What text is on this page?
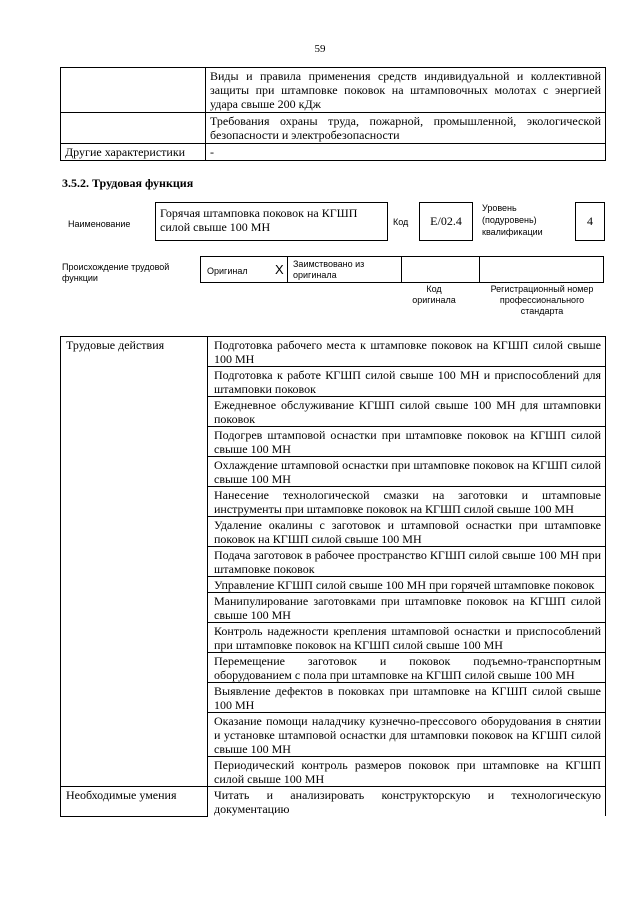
59
	Виды и правила применения средств индивидуальной и коллективной защиты при штамповке поковок на штамповочных молотах с энергией удара свыше 200 кДж
	Требования охраны труда, пожарной, промышленной, экологической безопасности и электробезопасности
Другие характеристики	-
3.5.2. Трудовая функция
Наименование
Горячая штамповка поковок на КГШП силой свыше 100 МН	Код	E/02.4
Уровень (подуровень) квалификации
4
Происхождение трудовой функции
Оригинал X Заимствовано из оригинала
Код оригинала
Регистрационный номер профессионального стандарта
Трудовые действия	Подготовка рабочего места к штамповке поковок на КГШП силой свыше 100 МН
	Подготовка к работе КГШП силой свыше 100 МН и приспособлений для штамповки поковок
	Ежедневное обслуживание КГШП силой свыше 100 МН для штамповки поковок
	Подогрев штамповой оснастки при штамповке поковок на КГШП силой свыше 100 МН
	Охлаждение штамповой оснастки при штамповке поковок на КГШП силой свыше 100 МН
	Нанесение технологической смазки на заготовки и штамповые инструменты при штамповке поковок на КГШП силой свыше 100 МН
	Удаление окалины с заготовок и штамповой оснастки при штамповке поковок на КГШП силой свыше 100 МН
	Подача заготовок в рабочее пространство КГШП силой свыше 100 МН при штамповке поковок
	Управление КГШП силой свыше 100 МН при горячей штамповке поковок
	Манипулирование заготовками при штамповке поковок на КГШП силой свыше 100 МН
	Контроль надежности крепления штамповой оснастки и приспособлений при штамповке поковок на КГШП силой свыше 100 МН
	Перемещение заготовок и поковок подъемно-транспортным оборудованием с пола при штамповке на КГШП силой свыше 100 МН
	Выявление дефектов в поковках при штамповке на КГШП силой свыше 100 МН
	Оказание помощи наладчику кузнечно-прессового оборудования в снятии и установке штамповой оснастки для штамповки поковок на КГШП силой свыше 100 МН
	Периодический контроль размеров поковок при штамповке на КГШП силой свыше 100 МН
Необходимые умения	Читать и анализировать конструкторскую и технологическую документацию
